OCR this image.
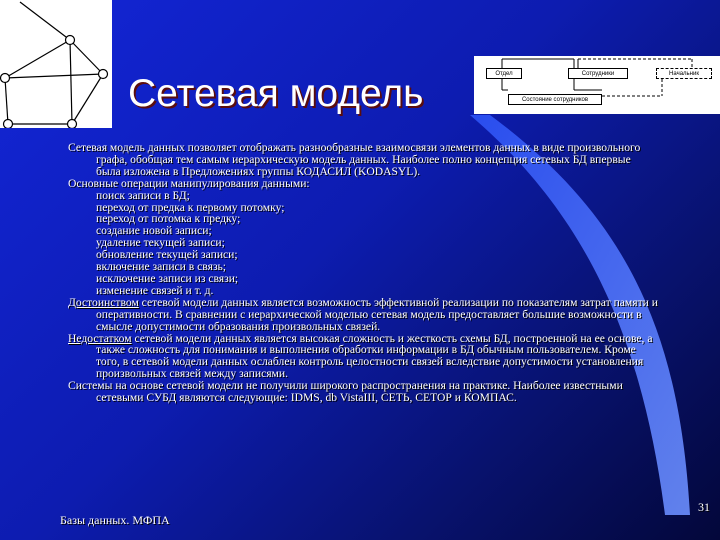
Отдел	Сотрудники	Начальник
Состояние сотрудников
Сетевая модель

Сетевая модель данных позволяет отображать разнообразные взаимосвязи элементов данных в виде произвольного графа, обобщая тем самым иерархическую модель данных. Наиболее полно концепция сетевых БД впервые была изложена в Предложениях группы КОДАСИЛ (KODASYL).

Основные операции манипулирования данными:

поиск записи в БД;
переход от предка к первому потомку;
переход от потомка к предку;
создание новой записи;
удаление текущей записи;
обновление текущей записи;
включение записи в связь;
исключение записи из связи;
изменение связей и т. д.

Достоинством сетевой модели данных является возможность эффективной реализации по показателям затрат памяти и оперативности. В сравнении с иерархической моделью сетевая модель предоставляет большие возможности в смысле допустимости образования произвольных связей.

Недостатком сетевой модели данных является высокая сложность и жесткость схемы БД, построенной на ее основе, а также сложность для понимания и выполнения обработки информации в БД обычным пользователем. Кроме того, в сетевой модели данных ослаблен контроль целостности связей вследствие допустимости установления произвольных связей между записями.

Системы на основе сетевой модели не получили широкого распространения на практике. Наиболее известными сетевыми СУБД являются следующие: IDMS, db VistaIII, СЕТЬ, СЕТОР и КОМПАС.

Базы данных. МФПА
31
